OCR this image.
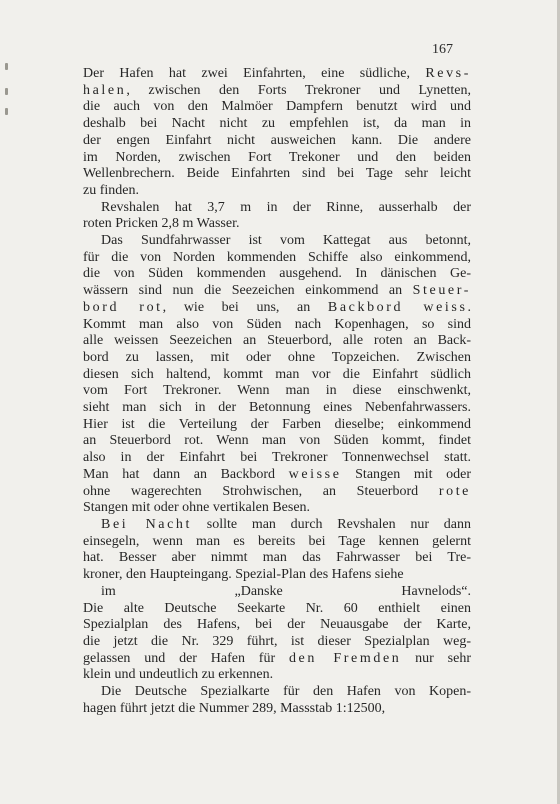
167
Der Hafen hat zwei Einfahrten, eine südliche, Revs-
halen, zwischen den Forts Trekroner und Lynetten,
die auch von den Malmöer Dampfern benutzt wird und
deshalb bei Nacht nicht zu empfehlen ist, da man in
der engen Einfahrt nicht ausweichen kann. Die andere
im Norden, zwischen Fort Trekoner und den beiden
Wellenbrechern. Beide Einfahrten sind bei Tage sehr leicht
zu finden.
Revshalen hat 3,7 m in der Rinne, ausserhalb der
roten Pricken 2,8 m Wasser.
Das Sundfahrwasser ist vom Kattegat aus betonnt,
für die von Norden kommenden Schiffe also einkommend,
die von Süden kommenden ausgehend. In dänischen Ge-
wässern sind nun die Seezeichen einkommend an Steuer-
bord rot, wie bei uns, an Backbord weiss.
Kommt man also von Süden nach Kopenhagen, so sind
alle weissen Seezeichen an Steuerbord, alle roten an Back-
bord zu lassen, mit oder ohne Topzeichen. Zwischen
diesen sich haltend, kommt man vor die Einfahrt südlich
vom Fort Trekroner. Wenn man in diese einschwenkt,
sieht man sich in der Betonnung eines Nebenfahrwassers.
Hier ist die Verteilung der Farben dieselbe; einkommend
an Steuerbord rot. Wenn man von Süden kommt, findet
also in der Einfahrt bei Trekroner Tonnenwechsel statt.
Man hat dann an Backbord weisse Stangen mit oder
ohne wagerechten Strohwischen, an Steuerbord rote
Stangen mit oder ohne vertikalen Besen.
Bei Nacht sollte man durch Revshalen nur dann
einsegeln, wenn man es bereits bei Tage kennen gelernt
hat. Besser aber nimmt man das Fahrwasser bei Tre-
kroner, den Haupteingang. Spezial-Plan des Hafens siehe
im „Danske Havnelods“.
Die alte Deutsche Seekarte Nr. 60 enthielt einen
Spezialplan des Hafens, bei der Neuausgabe der Karte,
die jetzt die Nr. 329 führt, ist dieser Spezialplan weg-
gelassen und der Hafen für den Fremden nur sehr
klein und undeutlich zu erkennen.
Die Deutsche Spezialkarte für den Hafen von Kopen-
hagen führt jetzt die Nummer 289, Massstab 1:12500,
